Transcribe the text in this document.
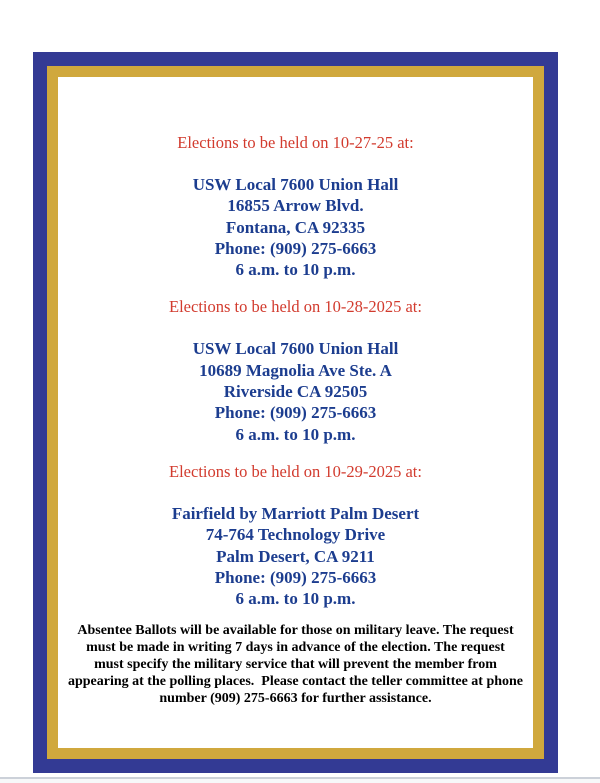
Elections to be held on 10-27-25 at:
USW Local 7600 Union Hall
16855 Arrow Blvd.
Fontana, CA 92335
Phone: (909) 275-6663
6 a.m. to 10 p.m.
Elections to be held on 10-28-2025 at:
USW Local 7600 Union Hall
10689 Magnolia Ave Ste. A
Riverside CA 92505
Phone: (909) 275-6663
6 a.m. to 10 p.m.
Elections to be held on 10-29-2025 at:
Fairfield by Marriott Palm Desert
74-764 Technology Drive
Palm Desert, CA 9211
Phone: (909) 275-6663
6 a.m. to 10 p.m.
Absentee Ballots will be available for those on military leave. The request
must be made in writing 7 days in advance of the election. The request
must specify the military service that will prevent the member from
appearing at the polling places.  Please contact the teller committee at phone
number (909) 275-6663 for further assistance.
